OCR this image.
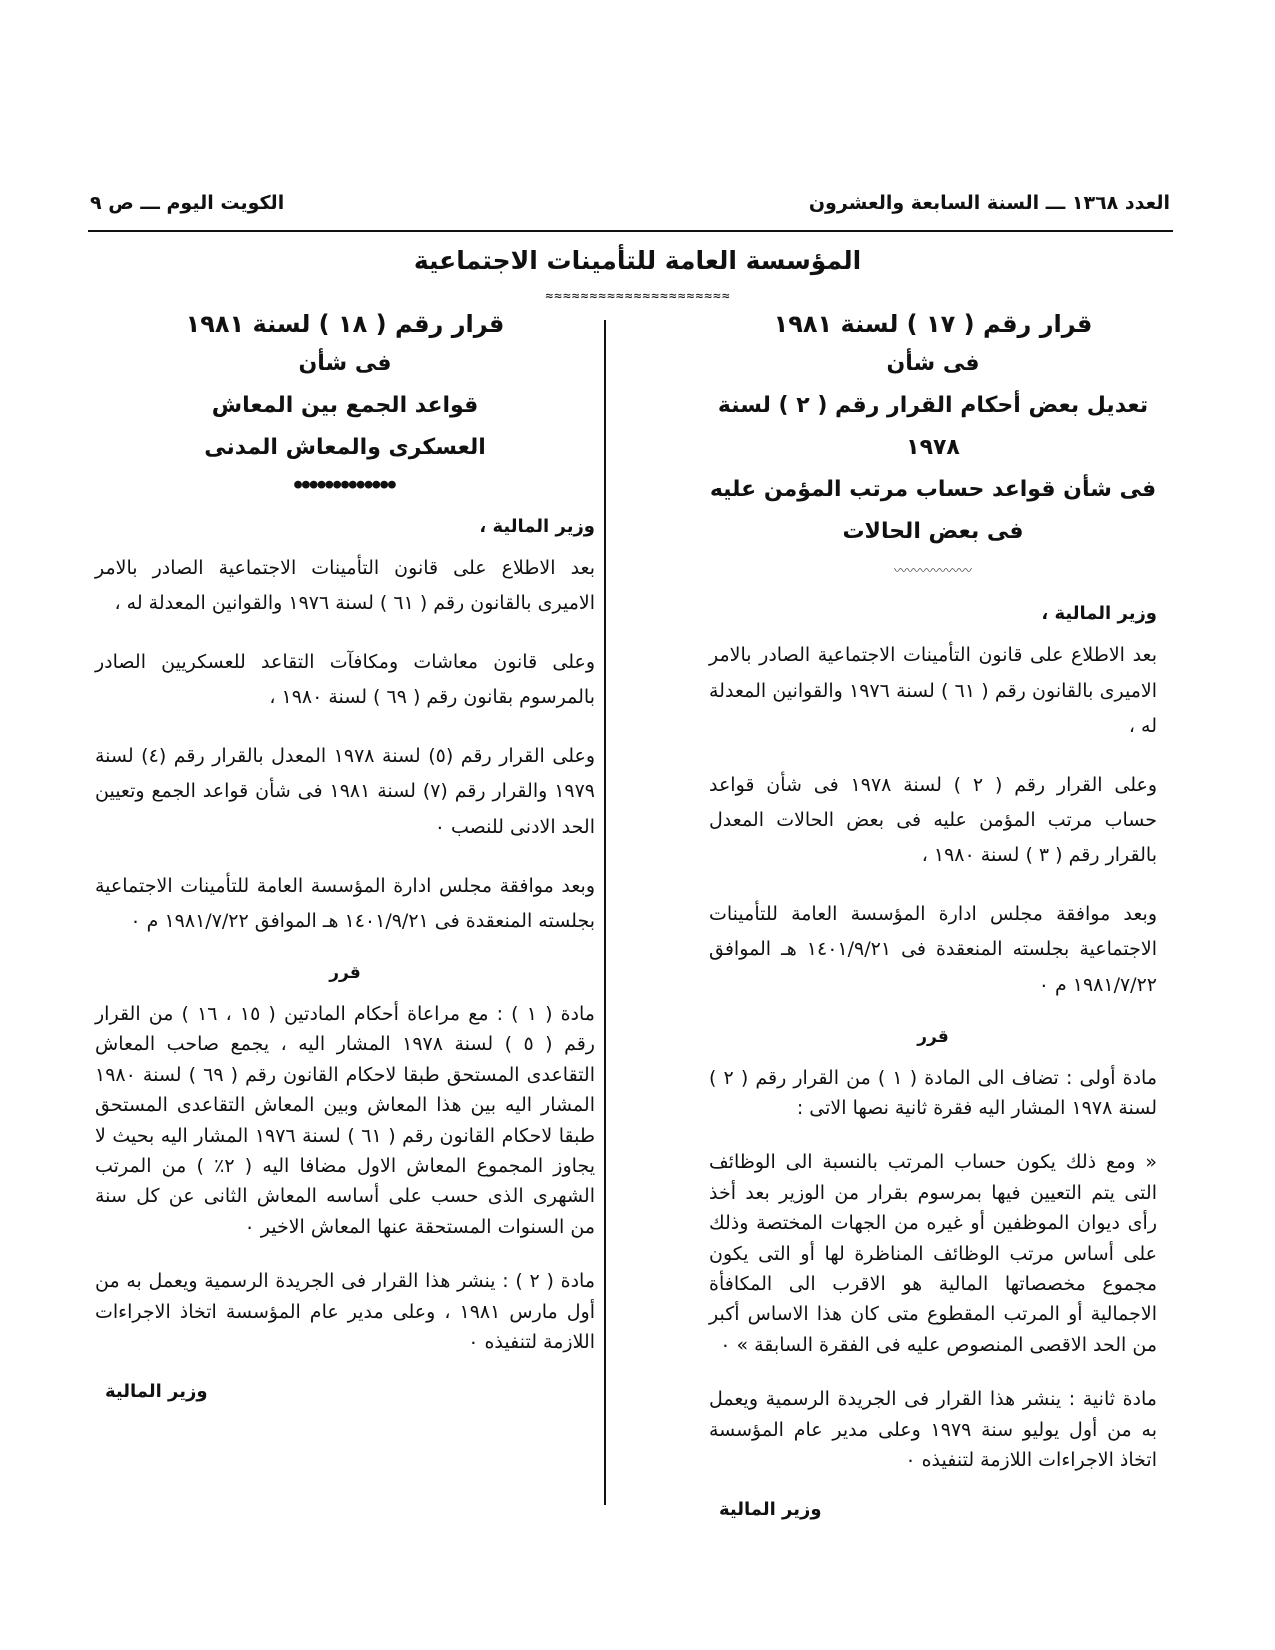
العدد ١٣٦٨ ـــ السنة السابعة والعشرون
الكويت اليوم ـــ ص ٩
المؤسسة العامة للتأمينات الاجتماعية
≈≈≈≈≈≈≈≈≈≈≈≈≈≈≈≈≈≈≈≈≈
قرار رقم ( ١٧ ) لسنة ١٩٨١
فى شأن
تعديل بعض أحكام القرار رقم ( ٢ ) لسنة ١٩٧٨
فى شأن قواعد حساب مرتب المؤمن عليه
فى بعض الحالات
〰〰〰〰〰〰
وزير المالية ،

بعد الاطلاع على قانون التأمينات الاجتماعية الصادر بالامر الاميرى بالقانون رقم ( ٦١ ) لسنة ١٩٧٦ والقوانين المعدلة له ،

وعلى القرار رقم ( ٢ ) لسنة ١٩٧٨ فى شأن قواعد حساب مرتب المؤمن عليه فى بعض الحالات المعدل بالقرار رقم ( ٣ ) لسنة ١٩٨٠ ،

وبعد موافقة مجلس ادارة المؤسسة العامة للتأمينات الاجتماعية بجلسته المنعقدة فى ١٤٠١/٩/٢١ هـ الموافق ١٩٨١/٧/٢٢ م ٠

قرر

مادة أولى : تضاف الى المادة ( ١ ) من القرار رقم ( ٢ ) لسنة ١٩٧٨ المشار اليه فقرة ثانية نصها الاتى :

« ومع ذلك يكون حساب المرتب بالنسبة الى الوظائف التى يتم التعيين فيها بمرسوم بقرار من الوزير بعد أخذ رأى ديوان الموظفين أو غيره من الجهات المختصة وذلك على أساس مرتب الوظائف المناظرة لها أو التى يكون مجموع مخصصاتها المالية هو الاقرب الى المكافأة الاجمالية أو المرتب المقطوع متى كان هذا الاساس أكبر من الحد الاقصى المنصوص عليه فى الفقرة السابقة » ٠

مادة ثانية : ينشر هذا القرار فى الجريدة الرسمية ويعمل به من أول يوليو سنة ١٩٧٩ وعلى مدير عام المؤسسة اتخاذ الاجراءات اللازمة لتنفيذه ٠

وزير المالية
قرار رقم ( ١٨ ) لسنة ١٩٨١
فى شأن
قواعد الجمع بين المعاش
العسكرى والمعاش المدنى
●●●●●●●●●●●●●
وزير المالية ،

بعد الاطلاع على قانون التأمينات الاجتماعية الصادر بالامر الاميرى بالقانون رقم ( ٦١ ) لسنة ١٩٧٦ والقوانين المعدلة له ،

وعلى قانون معاشات ومكافآت التقاعد للعسكريين الصادر بالمرسوم بقانون رقم ( ٦٩ ) لسنة ١٩٨٠ ،

وعلى القرار رقم (٥) لسنة ١٩٧٨ المعدل بالقرار رقم (٤) لسنة ١٩٧٩ والقرار رقم (٧) لسنة ١٩٨١ فى شأن قواعد الجمع وتعيين الحد الادنى للنصب ٠

وبعد موافقة مجلس ادارة المؤسسة العامة للتأمينات الاجتماعية بجلسته المنعقدة فى ١٤٠١/٩/٢١ هـ الموافق ١٩٨١/٧/٢٢ م ٠

قرر

مادة ( ١ ) : مع مراعاة أحكام المادتين ( ١٥ ، ١٦ ) من القرار رقم ( ٥ ) لسنة ١٩٧٨ المشار اليه ، يجمع صاحب المعاش التقاعدى المستحق طبقا لاحكام القانون رقم ( ٦٩ ) لسنة ١٩٨٠ المشار اليه بين هذا المعاش وبين المعاش التقاعدى المستحق طبقا لاحكام القانون رقم ( ٦١ ) لسنة ١٩٧٦ المشار اليه بحيث لا يجاوز المجموع المعاش الاول مضافا اليه ( ٢٪ ) من المرتب الشهرى الذى حسب على أساسه المعاش الثانى عن كل سنة من السنوات المستحقة عنها المعاش الاخير ٠

مادة ( ٢ ) : ينشر هذا القرار فى الجريدة الرسمية ويعمل به من أول مارس ١٩٨١ ، وعلى مدير عام المؤسسة اتخاذ الاجراءات اللازمة لتنفيذه ٠

وزير المالية
